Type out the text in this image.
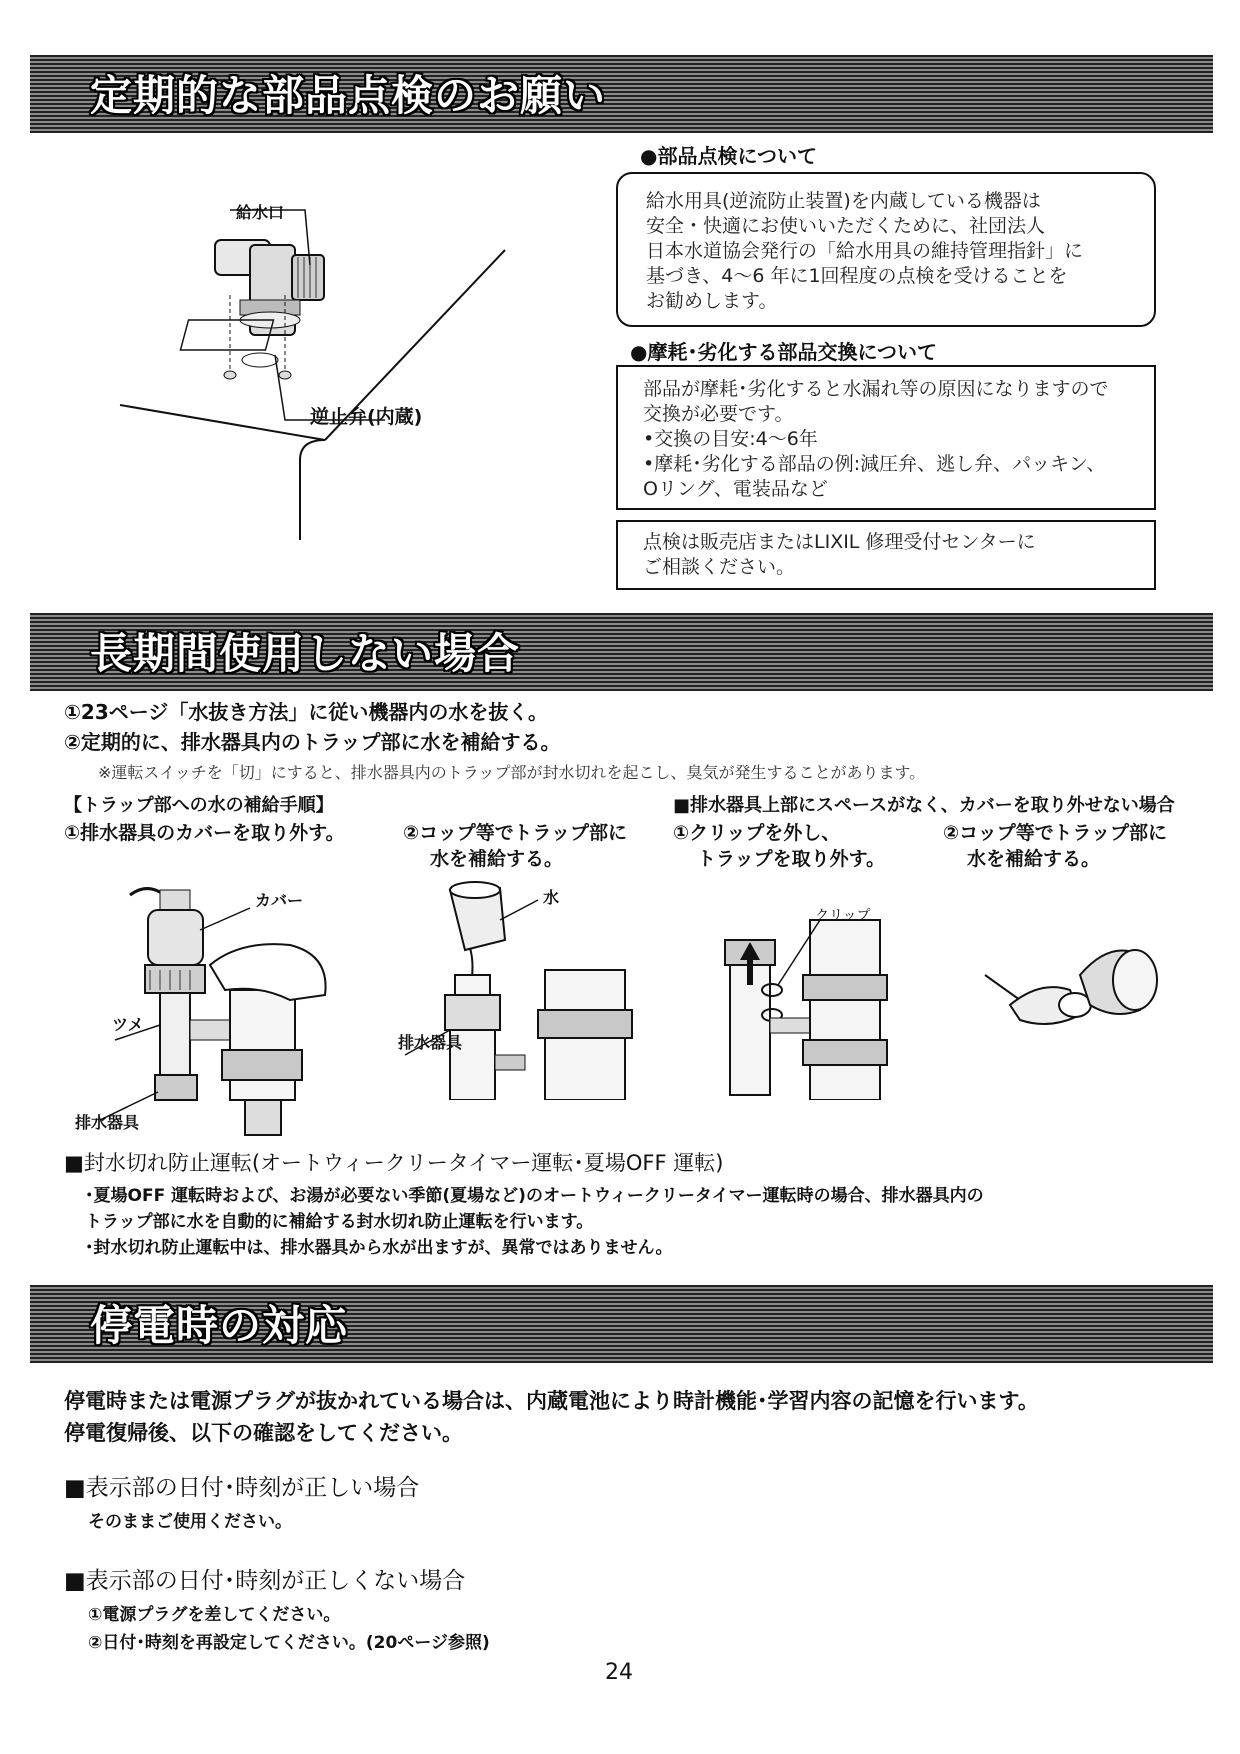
定期的な部品点検のお願い
給水口
逆止弁(内蔵)
●部品点検について
給水用具(逆流防止装置)を内蔵している機器は
安全・快適にお使いいただくために、社団法人
日本水道協会発行の「給水用具の維持管理指針」に
基づき、4〜6 年に1回程度の点検を受けることを
お勧めします。
●摩耗･劣化する部品交換について
部品が摩耗･劣化すると水漏れ等の原因になりますので
交換が必要です。
•交換の目安:4〜6年
•摩耗･劣化する部品の例:減圧弁、逃し弁、パッキン、
Oリング、電装品など
点検は販売店またはLIXIL 修理受付センターに
ご相談ください。
長期間使用しない場合
①23ページ「水抜き方法」に従い機器内の水を抜く。
②定期的に、排水器具内のトラップ部に水を補給する。
※運転スイッチを「切」にすると、排水器具内のトラップ部が封水切れを起こし、臭気が発生することがあります。
【トラップ部への水の補給手順】
①排水器具のカバーを取り外す。	②コップ等でトラップ部に
水を補給する。
■排水器具上部にスペースがなく、カバーを取り外せない場合
①クリップを外し、
トラップを取り外す。
②コップ等でトラップ部に
水を補給する。
カバー
ツメ
排水器具
水
排水器具
クリップ
■封水切れ防止運転(オートウィークリータイマー運転･夏場OFF 運転)
･夏場OFF 運転時および、お湯が必要ない季節(夏場など)のオートウィークリータイマー運転時の場合、排水器具内の
トラップ部に水を自動的に補給する封水切れ防止運転を行います。
･封水切れ防止運転中は、排水器具から水が出ますが、異常ではありません。
停電時の対応
停電時または電源プラグが抜かれている場合は、内蔵電池により時計機能･学習内容の記憶を行います。
停電復帰後、以下の確認をしてください。
■表示部の日付･時刻が正しい場合
そのままご使用ください。
■表示部の日付･時刻が正しくない場合
①電源プラグを差してください。
②日付･時刻を再設定してください。(20ページ参照)
24
